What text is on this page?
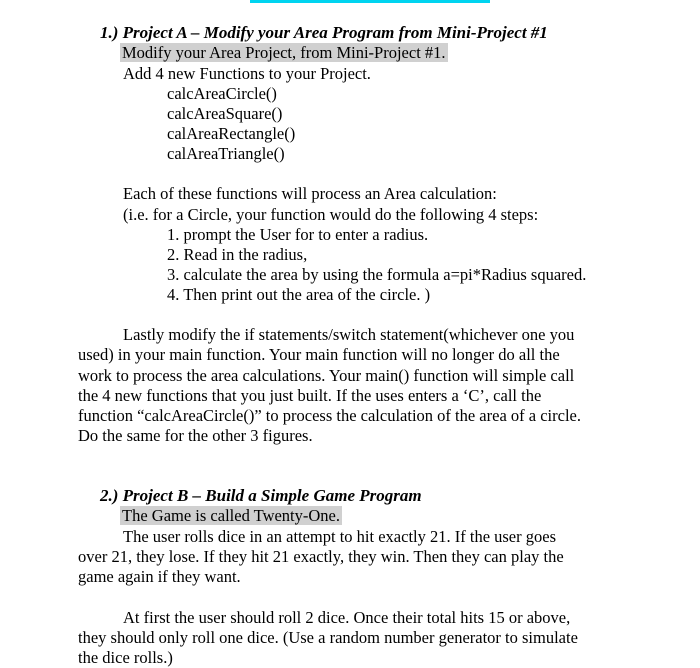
1.) Project A – Modify your Area Program from Mini-Project #1
Modify your Area Project, from Mini-Project #1.
Add 4 new Functions to your Project.
calcAreaCircle()
calcAreaSquare()
calAreaRectangle()
calAreaTriangle()
Each of these functions will process an Area calculation:
(i.e. for a Circle, your function would do the following 4 steps:
1. prompt the User for to enter a radius.
2. Read in the radius,
3. calculate the area by using the formula a=pi*Radius squared.
4. Then print out the area of the circle. )
Lastly modify the if statements/switch statement(whichever one you
used) in your main function. Your main function will no longer do all the
work to process the area calculations. Your main() function will simple call
the 4 new functions that you just built. If the uses enters a ‘C’, call the
function “calcAreaCircle()” to process the calculation of the area of a circle.
Do the same for the other 3 figures.
2.) Project B – Build a Simple Game Program
The Game is called Twenty-One.
The user rolls dice in an attempt to hit exactly 21. If the user goes
over 21, they lose. If they hit 21 exactly, they win. Then they can play the
game again if they want.
At first the user should roll 2 dice. Once their total hits 15 or above,
they should only roll one dice. (Use a random number generator to simulate
the dice rolls.)
